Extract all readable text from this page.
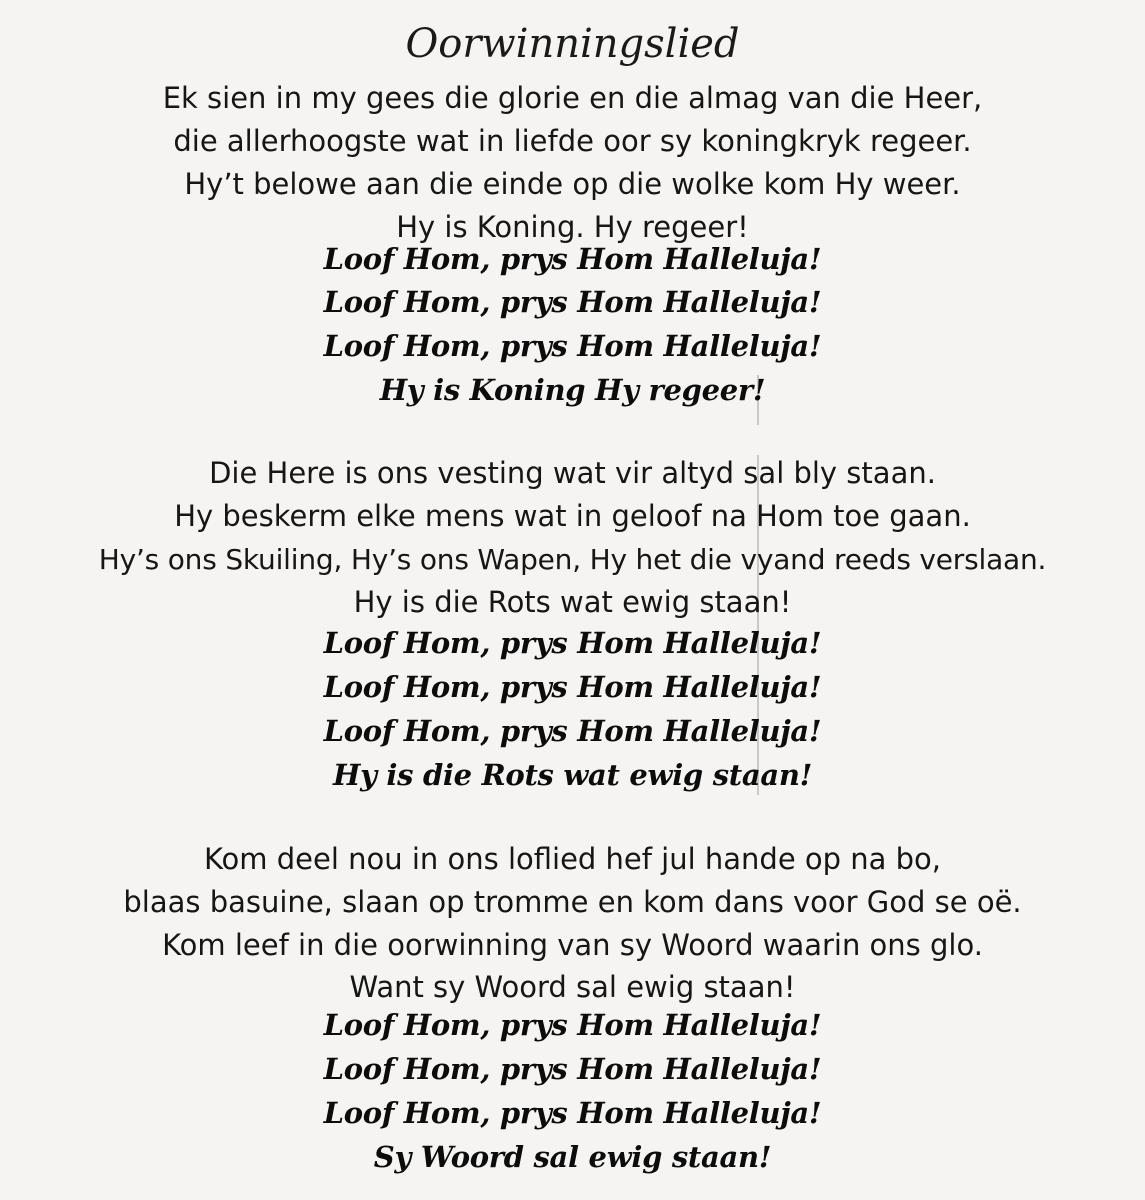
Oorwinningslied
Ek sien in my gees die glorie en die almag van die Heer,
die allerhoogste wat in liefde oor sy koningkryk regeer.
Hy’t belowe aan die einde op die wolke kom Hy weer.
Hy is Koning. Hy regeer!
Loof Hom, prys Hom Halleluja!
Loof Hom, prys Hom Halleluja!
Loof Hom, prys Hom Halleluja!
Hy is Koning Hy regeer!
Die Here is ons vesting wat vir altyd sal bly staan.
Hy beskerm elke mens wat in geloof na Hom toe gaan.
Hy’s ons Skuiling, Hy’s ons Wapen, Hy het die vyand reeds verslaan.
Hy is die Rots wat ewig staan!
Loof Hom, prys Hom Halleluja!
Loof Hom, prys Hom Halleluja!
Loof Hom, prys Hom Halleluja!
Hy is die Rots wat ewig staan!
Kom deel nou in ons loflied hef jul hande op na bo,
blaas basuine, slaan op tromme en kom dans voor God se oë.
Kom leef in die oorwinning van sy Woord waarin ons glo.
Want sy Woord sal ewig staan!
Loof Hom, prys Hom Halleluja!
Loof Hom, prys Hom Halleluja!
Loof Hom, prys Hom Halleluja!
Sy Woord sal ewig staan!
